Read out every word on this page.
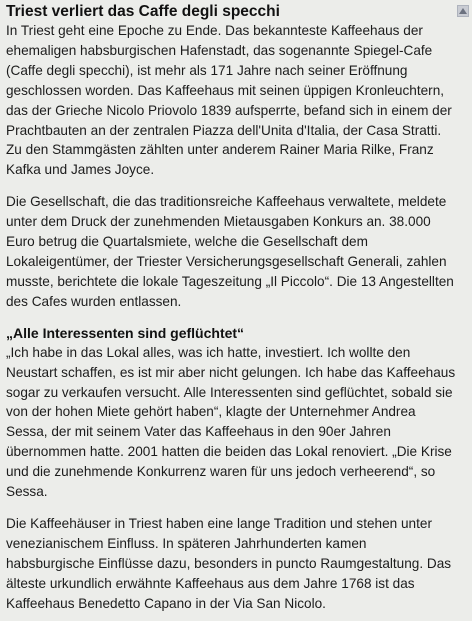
Triest verliert das Caffe degli specchi

In Triest geht eine Epoche zu Ende. Das bekannteste Kaffeehaus der ehemaligen habsburgischen Hafenstadt, das sogenannte Spiegel-Cafe (Caffe degli specchi), ist mehr als 171 Jahre nach seiner Eröffnung geschlossen worden. Das Kaffeehaus mit seinen üppigen Kronleuchtern, das der Grieche Nicolo Priovolo 1839 aufsperrte, befand sich in einem der Prachtbauten an der zentralen Piazza dell'Unita d'Italia, der Casa Stratti. Zu den Stammgästen zählten unter anderem Rainer Maria Rilke, Franz Kafka und James Joyce.

Die Gesellschaft, die das traditionsreiche Kaffeehaus verwaltete, meldete unter dem Druck der zunehmenden Mietausgaben Konkurs an. 38.000 Euro betrug die Quartalsmiete, welche die Gesellschaft dem Lokaleigentümer, der Triester Versicherungsgesellschaft Generali, zahlen musste, berichtete die lokale Tageszeitung „Il Piccolo“. Die 13 Angestellten des Cafes wurden entlassen.

„Alle Interessenten sind geflüchtet“

„Ich habe in das Lokal alles, was ich hatte, investiert. Ich wollte den Neustart schaffen, es ist mir aber nicht gelungen. Ich habe das Kaffeehaus sogar zu verkaufen versucht. Alle Interessenten sind geflüchtet, sobald sie von der hohen Miete gehört haben“, klagte der Unternehmer Andrea Sessa, der mit seinem Vater das Kaffeehaus in den 90er Jahren übernommen hatte. 2001 hatten die beiden das Lokal renoviert. „Die Krise und die zunehmende Konkurrenz waren für uns jedoch verheerend“, so Sessa.

Die Kaffeehäuser in Triest haben eine lange Tradition und stehen unter venezianischem Einfluss. In späteren Jahrhunderten kamen habsburgische Einflüsse dazu, besonders in puncto Raumgestaltung. Das älteste urkundlich erwähnte Kaffeehaus aus dem Jahre 1768 ist das Kaffeehaus Benedetto Capano in der Via San Nicolo.
